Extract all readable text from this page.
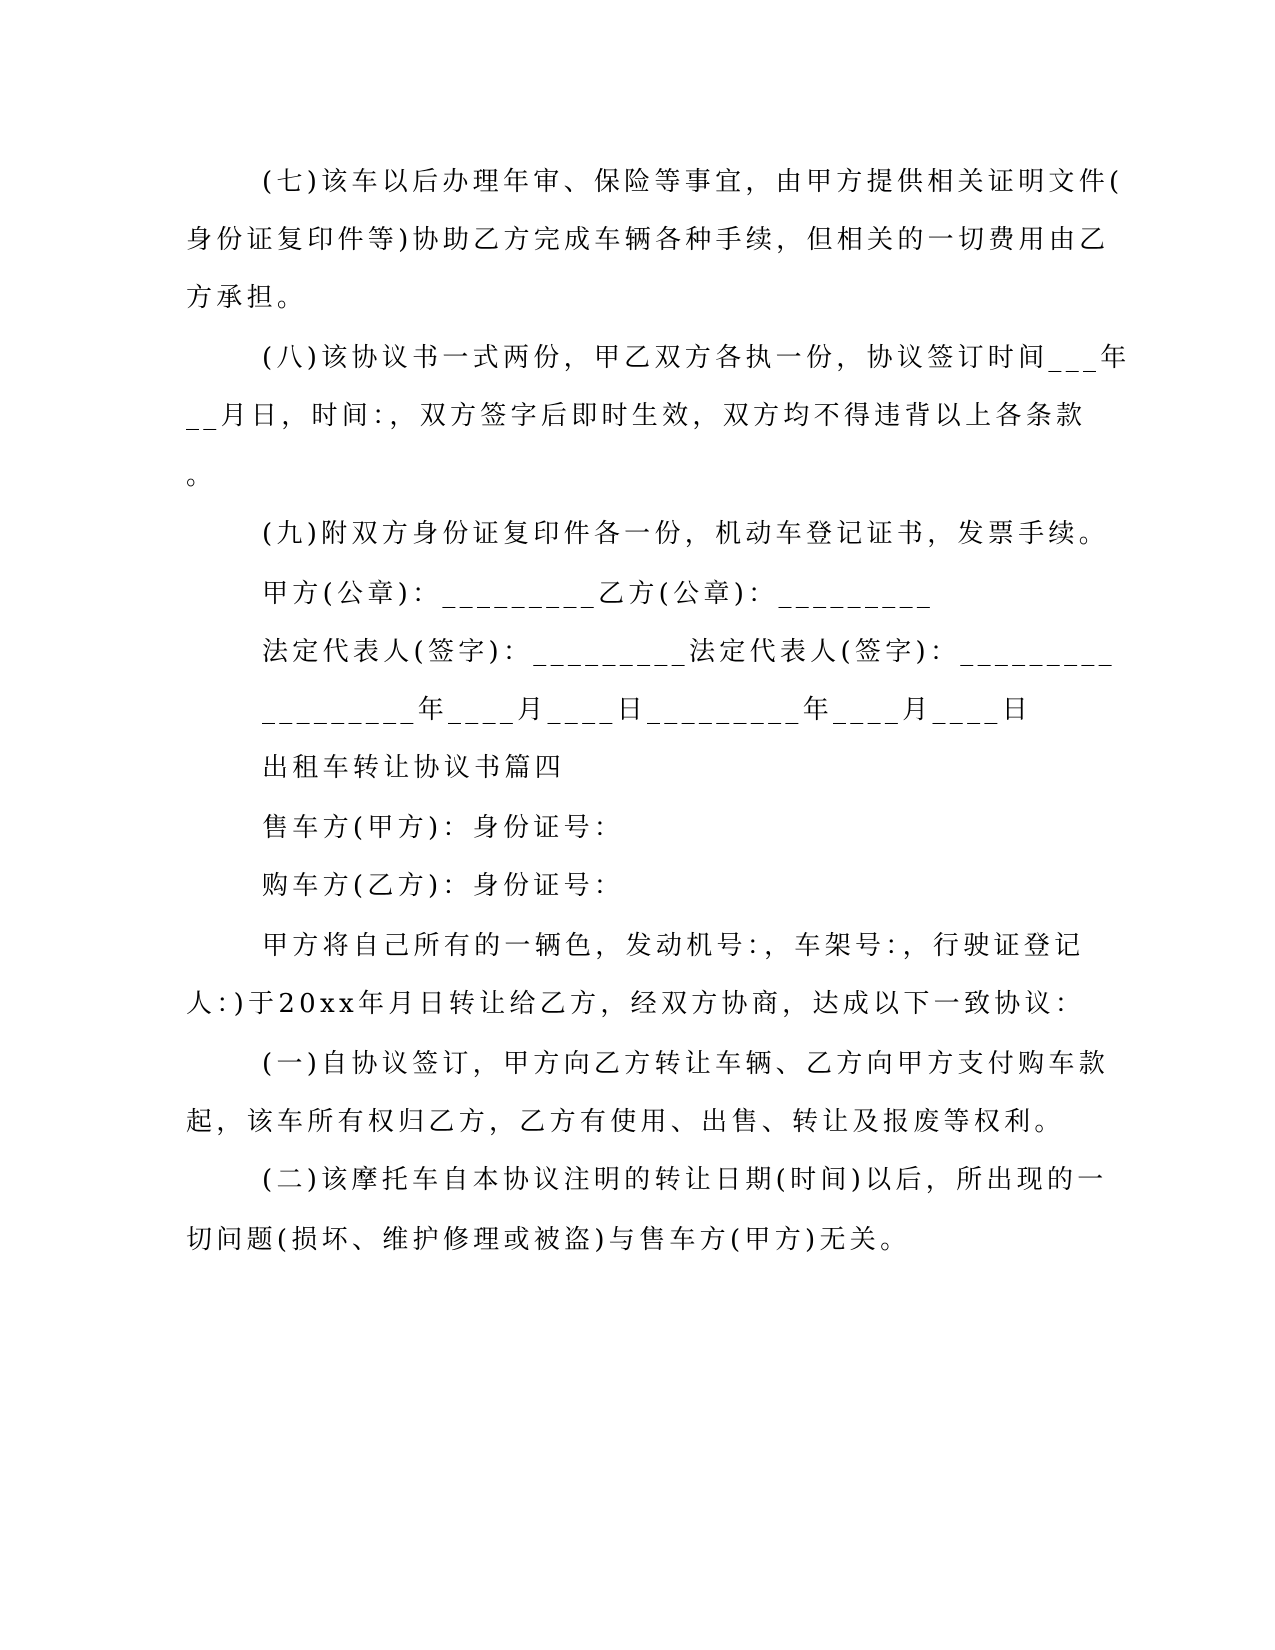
(七)该车以后办理年审、保险等事宜，由甲方提供相关证明文件(
身份证复印件等)协助乙方完成车辆各种手续，但相关的一切费用由乙
方承担。
(八)该协议书一式两份，甲乙双方各执一份，协议签订时间___年
__月日，时间：，双方签字后即时生效，双方均不得违背以上各条款
。
(九)附双方身份证复印件各一份，机动车登记证书，发票手续。
甲方(公章)：_________乙方(公章)：_________
法定代表人(签字)：_________法定代表人(签字)：_________
_________年____月____日_________年____月____日
出租车转让协议书篇四
售车方(甲方)：身份证号：
购车方(乙方)：身份证号：
甲方将自己所有的一辆色，发动机号：，车架号：，行驶证登记
人：)于20xx年月日转让给乙方，经双方协商，达成以下一致协议：
(一)自协议签订，甲方向乙方转让车辆、乙方向甲方支付购车款
起，该车所有权归乙方，乙方有使用、出售、转让及报废等权利。
(二)该摩托车自本协议注明的转让日期(时间)以后，所出现的一
切问题(损坏、维护修理或被盗)与售车方(甲方)无关。
